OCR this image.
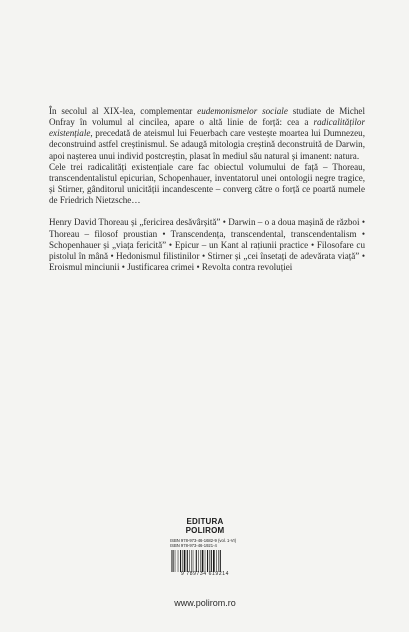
În secolul al XIX-lea, complementar eudemonismelor sociale studiate de Michel Onfray în volumul al cincilea, apare o altă linie de forță: cea a radicalităților existențiale, precedată de ateismul lui Feuerbach care vestește moartea lui Dumnezeu, deconstruind astfel creștinismul. Se adaugă mitologia creștină deconstruită de Darwin, apoi nașterea unui individ postcreștin, plasat în mediul său natural și imanent: natura.

Cele trei radicalități existențiale care fac obiectul volumului de față – Thoreau, transcendentalistul epicurian, Schopenhauer, inventatorul unei ontologii negre tragice, și Stirner, gânditorul unicității incandescente – converg către o forță ce poartă numele de Friedrich Nietzsche…

Henry David Thoreau și „fericirea desăvârșită” • Darwin – o a doua mașină de război • Thoreau – filosof proustian • Transcendența, transcendental, transcendentalism • Schopenhauer și „viața fericită” • Epicur – un Kant al rațiunii practice • Filosofare cu pistolul în mână • Hedonismul filistinilor • Stirner și „cei însetați de adevărata viață” • Eroismul minciunii • Justificarea crimei • Revolta contra revoluției

EDITURA POLIROM
ISBN 978-973-46-1682-9 (vol. 1-VI)
ISBN 978-973-46-1921-4
9 789734 619214
www.polirom.ro
